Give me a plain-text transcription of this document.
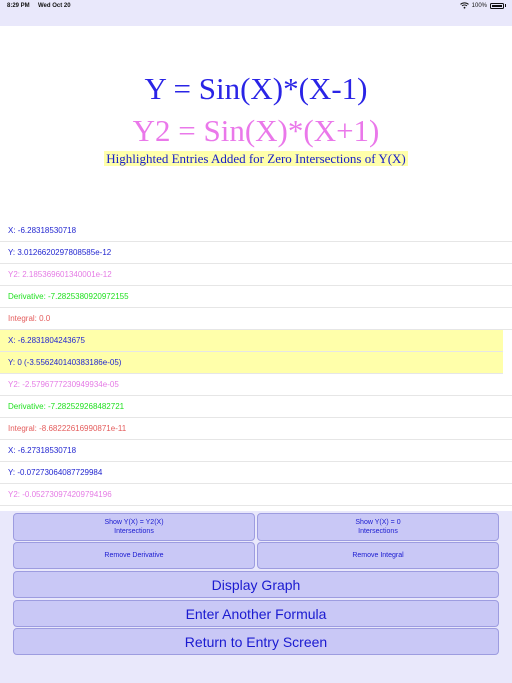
8:29 PM Wed Oct 20	100%
Y = Sin(X)*(X-1)
Y2 = Sin(X)*(X+1)
Highlighted Entries Added for Zero Intersections of Y(X)
X: -6.28318530718
Y: 3.0126620297808585e-12
Y2: 2.185369601340001e-12
Derivative: -7.2825380920972155
Integral: 0.0
X: -6.2831804243675
Y: 0 (-3.556240140383186e-05)
Y2: -2.5796777230949934e-05
Derivative: -7.282529268482721
Integral: -8.68222616990871e-11
X: -6.27318530718
Y: -0.07273064087729984
Y2: -0.052730974209794196
Show Y(X) = Y2(X)
Intersections
Show Y(X) = 0
Intersections
Remove Derivative	Remove Integral
Display Graph
Enter Another Formula
Return to Entry Screen
